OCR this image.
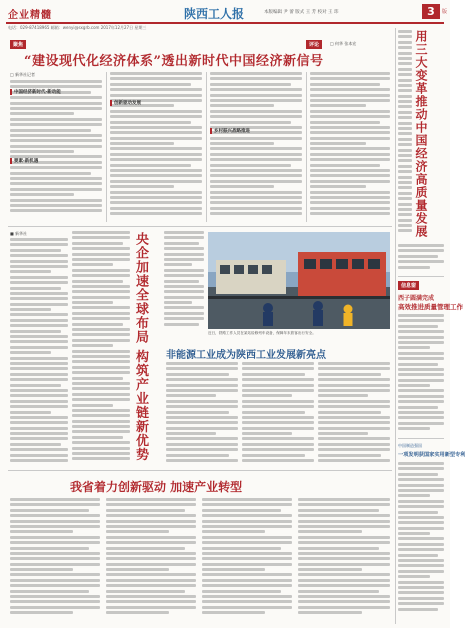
企业精髓	陕西工人报	本版编辑 尹 蕾 版式 王 芳 校对 王 玮	3	版
电话：029-87418965 邮箱：wenyi@sxgrb.com 2017年12月27日 星期三
聚焦
“建设现代化经济体系”透出新时代中国经济新信号
□ 新华社记者
中国经济新时代·新动能
要素·新机遇
创新驱动发展
乡村振兴战略推进
■ 新华社	央企加速全球布局 构筑产业链新优势	近日，铁路工作人员在某站检修列车设备，保障年末旅客出行安全。
非能源工业成为陕西工业发展新亮点
我省着力创新驱动 加速产业转型
评论	□ 何华 张本宏	用三大变革推动中国经济高质量发展
信息窗
西子圆满完成
高效推进质量管理工作
中国制造强国
一项发明获国家实用新型专利
